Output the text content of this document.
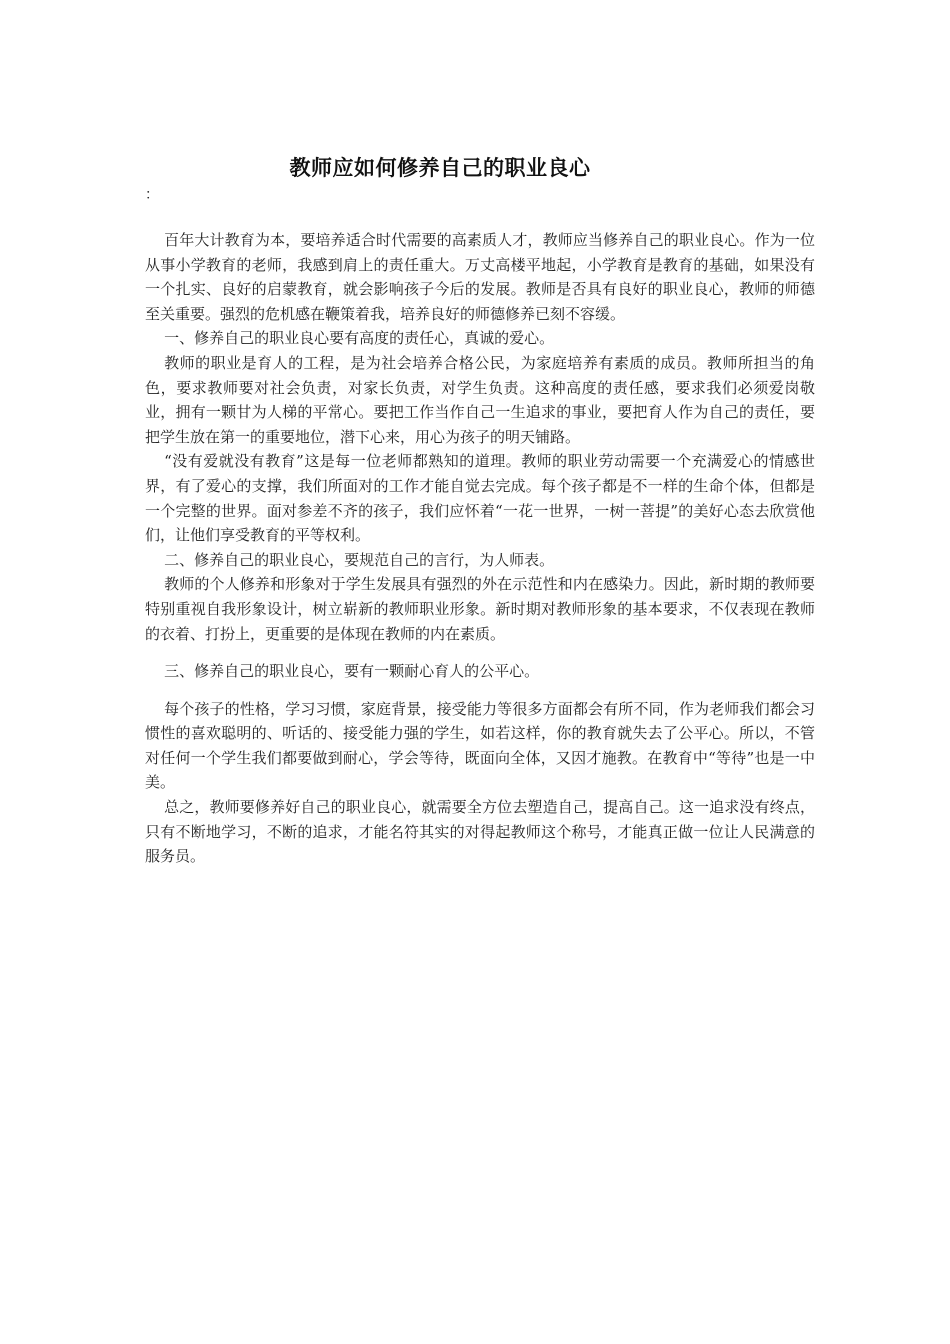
教师应如何修养自己的职业良心
：

百年大计教育为本，要培养适合时代需要的高素质人才，教师应当修养自己的职业良心。作为一位从事小学教育的老师，我感到肩上的责任重大。万丈高楼平地起，小学教育是教育的基础，如果没有一个扎实、良好的启蒙教育，就会影响孩子今后的发展。教师是否具有良好的职业良心，教师的师德至关重要。强烈的危机感在鞭策着我，培养良好的师德修养已刻不容缓。

一、修养自己的职业良心要有高度的责任心，真诚的爱心。

教师的职业是育人的工程，是为社会培养合格公民，为家庭培养有素质的成员。教师所担当的角色，要求教师要对社会负责，对家长负责，对学生负责。这种高度的责任感，要求我们必须爱岗敬业，拥有一颗甘为人梯的平常心。要把工作当作自己一生追求的事业，要把育人作为自己的责任，要把学生放在第一的重要地位，潜下心来，用心为孩子的明天铺路。

“没有爱就没有教育”这是每一位老师都熟知的道理。教师的职业劳动需要一个充满爱心的情感世界，有了爱心的支撑，我们所面对的工作才能自觉去完成。每个孩子都是不一样的生命个体，但都是一个完整的世界。面对参差不齐的孩子，我们应怀着“一花一世界，一树一菩提”的美好心态去欣赏他们，让他们享受教育的平等权利。

二、修养自己的职业良心，要规范自己的言行，为人师表。

教师的个人修养和形象对于学生发展具有强烈的外在示范性和内在感染力。因此，新时期的教师要特别重视自我形象设计，树立崭新的教师职业形象。新时期对教师形象的基本要求，不仅表现在教师的衣着、打扮上，更重要的是体现在教师的内在素质。

三、修养自己的职业良心，要有一颗耐心育人的公平心。

每个孩子的性格，学习习惯，家庭背景，接受能力等很多方面都会有所不同，作为老师我们都会习惯性的喜欢聪明的、听话的、接受能力强的学生，如若这样，你的教育就失去了公平心。所以，不管对任何一个学生我们都要做到耐心，学会等待，既面向全体，又因才施教。在教育中“等待”也是一中美。

总之，教师要修养好自己的职业良心，就需要全方位去塑造自己，提高自己。这一追求没有终点，只有不断地学习，不断的追求，才能名符其实的对得起教师这个称号，才能真正做一位让人民满意的服务员。
